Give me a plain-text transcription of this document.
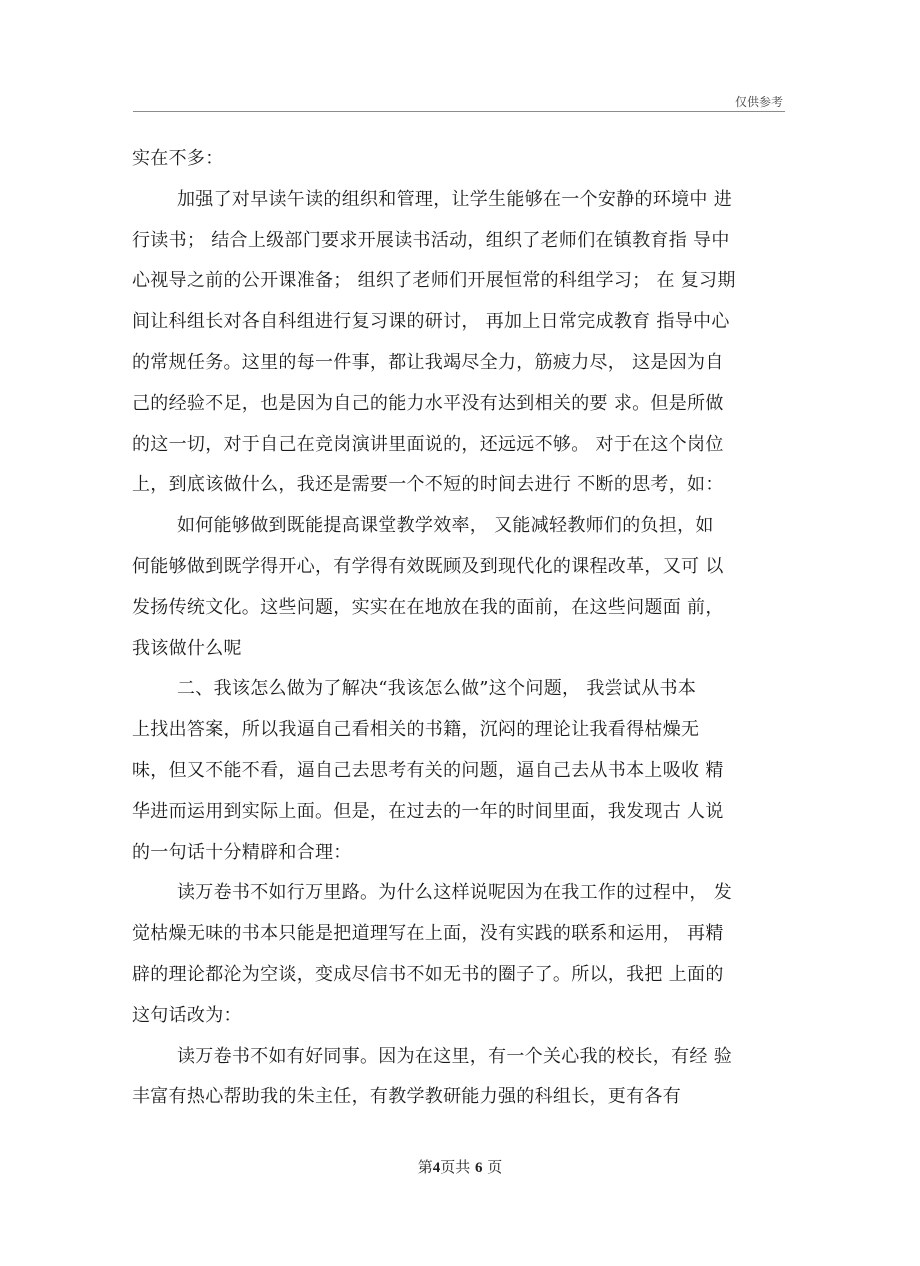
仅供参考
实在不多：
加强了对早读午读的组织和管理，让学生能够在一个安静的环境中 进
行读书； 结合上级部门要求开展读书活动，组织了老师们在镇教育指 导中
心视导之前的公开课准备； 组织了老师们开展恒常的科组学习； 在 复习期
间让科组长对各自科组进行复习课的研讨， 再加上日常完成教育 指导中心
的常规任务。这里的每一件事，都让我竭尽全力，筋疲力尽， 这是因为自
己的经验不足，也是因为自己的能力水平没有达到相关的要 求。但是所做
的这一切，对于自己在竞岗演讲里面说的，还远远不够。 对于在这个岗位
上，到底该做什么，我还是需要一个不短的时间去进行 不断的思考，如：
如何能够做到既能提高课堂教学效率， 又能减轻教师们的负担，如
何能够做到既学得开心，有学得有效既顾及到现代化的课程改革，又可 以
发扬传统文化。这些问题，实实在在地放在我的面前，在这些问题面 前，
我该做什么呢
二、我该怎么做为了解决“我该怎么做”这个问题， 我尝试从书本
上找出答案，所以我逼自己看相关的书籍，沉闷的理论让我看得枯燥无
味，但又不能不看，逼自己去思考有关的问题，逼自己去从书本上吸收 精
华进而运用到实际上面。但是，在过去的一年的时间里面，我发现古 人说
的一句话十分精辟和合理：
读万卷书不如行万里路。为什么这样说呢因为在我工作的过程中， 发
觉枯燥无味的书本只能是把道理写在上面，没有实践的联系和运用， 再精
辟的理论都沦为空谈，变成尽信书不如无书的圈子了。所以，我把 上面的
这句话改为：
读万卷书不如有好同事。因为在这里，有一个关心我的校长，有经 验
丰富有热心帮助我的朱主任，有教学教研能力强的科组长，更有各有
第4页共 6 页
